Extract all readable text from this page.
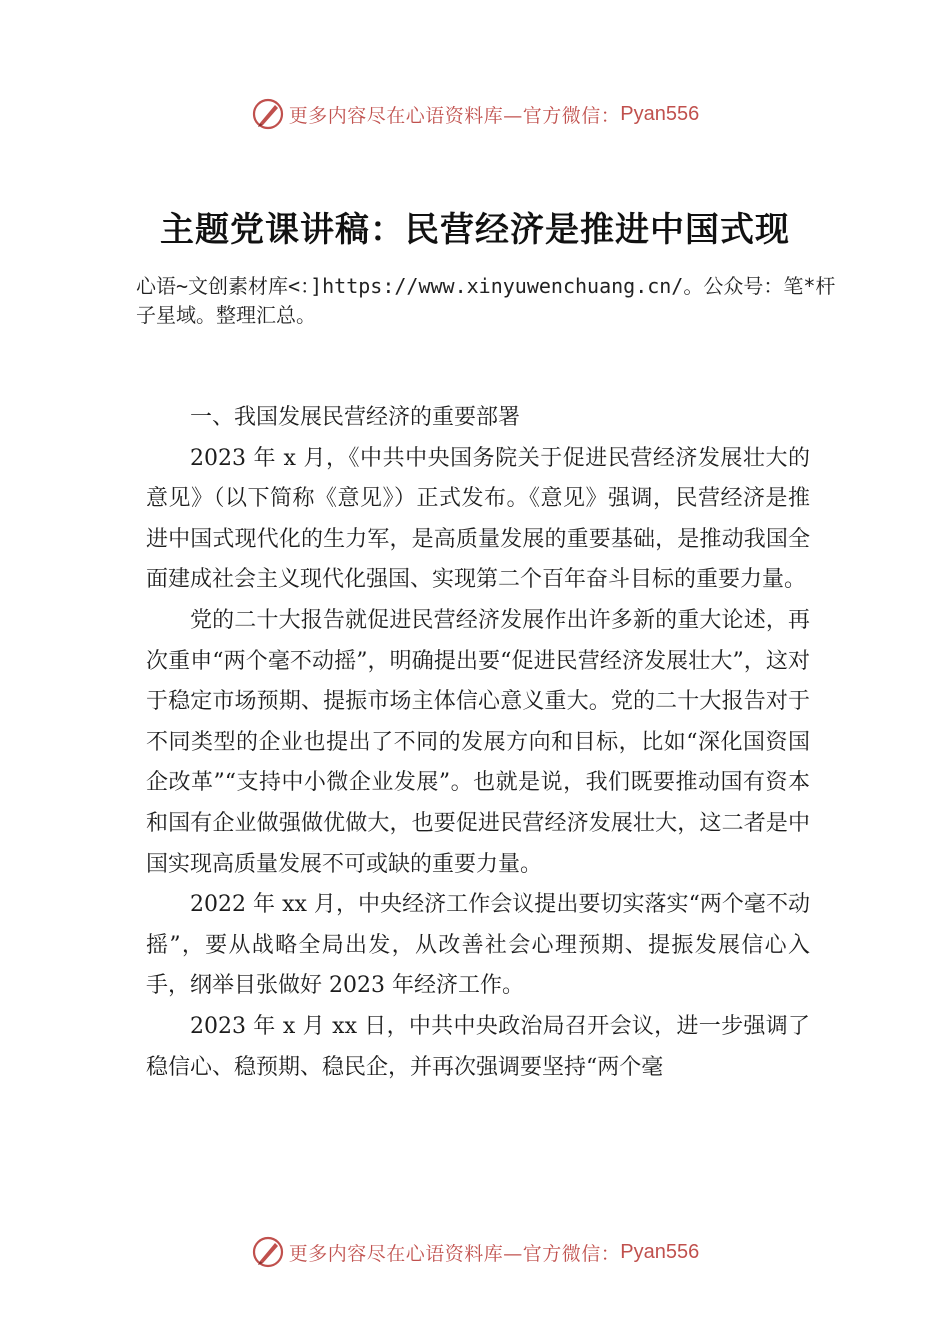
更多内容尽在心语资料库—官方微信： Pyan556
主题党课讲稿：民营经济是推进中国式现
心语~文创素材库<：]https://www.xinyuwenchuang.cn/。公众号：笔*杆子星域。整理汇总。

一、我国发展民营经济的重要部署

2023 年 x 月，《中共中央国务院关于促进民营经济发展壮大的意见》（以下简称《意见》）正式发布。《意见》强调，民营经济是推进中国式现代化的生力军，是高质量发展的重要基础，是推动我国全面建成社会主义现代化强国、实现第二个百年奋斗目标的重要力量。

党的二十大报告就促进民营经济发展作出许多新的重大论述，再次重申“两个毫不动摇”，明确提出要“促进民营经济发展壮大”，这对于稳定市场预期、提振市场主体信心意义重大。党的二十大报告对于不同类型的企业也提出了不同的发展方向和目标，比如“深化国资国企改革”“支持中小微企业发展”。也就是说，我们既要推动国有资本和国有企业做强做优做大，也要促进民营经济发展壮大，这二者是中国实现高质量发展不可或缺的重要力量。

2022 年 xx 月，中央经济工作会议提出要切实落实“两个毫不动摇”，要从战略全局出发，从改善社会心理预期、提振发展信心入手，纲举目张做好 2023 年经济工作。

2023 年 x 月 xx 日，中共中央政治局召开会议，进一步强调了稳信心、稳预期、稳民企，并再次强调要坚持“两个毫

更多内容尽在心语资料库—官方微信： Pyan556
